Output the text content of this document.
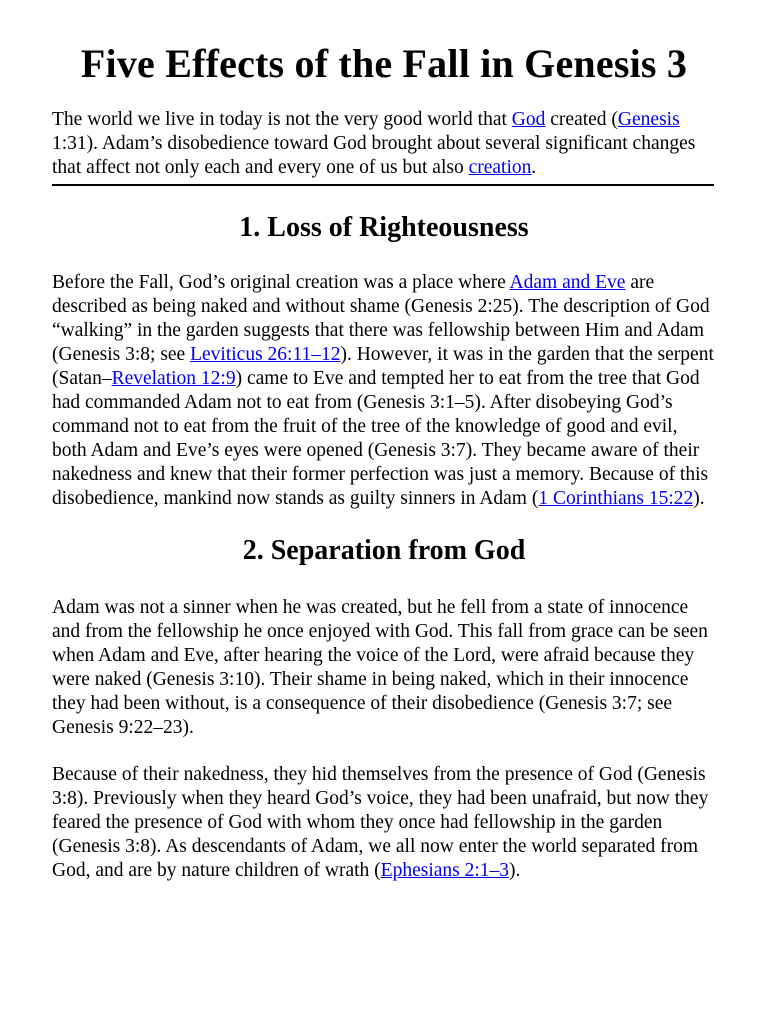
Five Effects of the Fall in Genesis 3

The world we live in today is not the very good world that God created (Genesis 1:31). Adam’s disobedience toward God brought about several significant changes that affect not only each and every one of us but also creation.

1. Loss of Righteousness

Before the Fall, God’s original creation was a place where Adam and Eve are described as being naked and without shame (Genesis 2:25). The description of God “walking” in the garden suggests that there was fellowship between Him and Adam (Genesis 3:8; see Leviticus 26:11–12). However, it was in the garden that the serpent (Satan–Revelation 12:9) came to Eve and tempted her to eat from the tree that God had commanded Adam not to eat from (Genesis 3:1–5). After disobeying God’s command not to eat from the fruit of the tree of the knowledge of good and evil, both Adam and Eve’s eyes were opened (Genesis 3:7). They became aware of their nakedness and knew that their former perfection was just a memory. Because of this disobedience, mankind now stands as guilty sinners in Adam (1 Corinthians 15:22).

2. Separation from God

Adam was not a sinner when he was created, but he fell from a state of innocence and from the fellowship he once enjoyed with God. This fall from grace can be seen when Adam and Eve, after hearing the voice of the Lord, were afraid because they were naked (Genesis 3:10). Their shame in being naked, which in their innocence they had been without, is a consequence of their disobedience (Genesis 3:7; see Genesis 9:22–23).

Because of their nakedness, they hid themselves from the presence of God (Genesis 3:8). Previously when they heard God’s voice, they had been unafraid, but now they feared the presence of God with whom they once had fellowship in the garden (Genesis 3:8). As descendants of Adam, we all now enter the world separated from God, and are by nature children of wrath (Ephesians 2:1–3).
